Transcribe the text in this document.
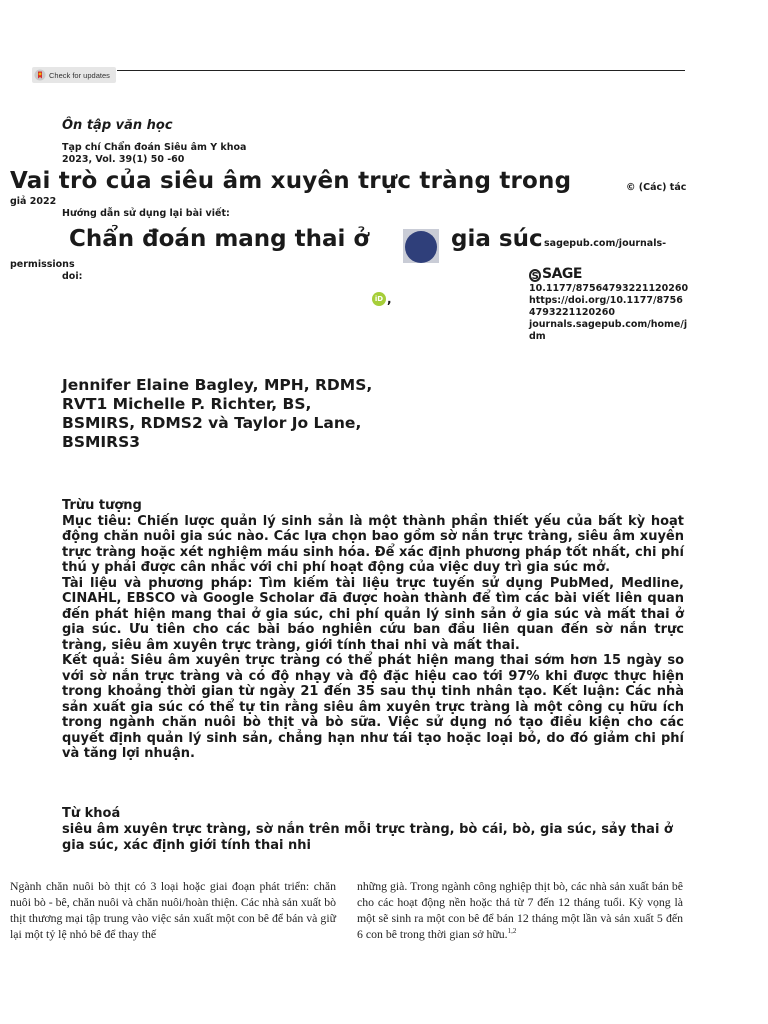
Check for updates
Ôn tập văn học
Tạp chí Chẩn đoán Siêu âm Y khoa
2023, Vol. 39(1) 50 -60
Vai trò của siêu âm xuyên trực tràng trong	© (Các) tác
giả 2022
Hướng dẫn sử dụng lại bài viết:
Chẩn đoán mang thai ở	gia súc sagepub.com/journals-
permissions
doi:	S SAGE
10.1177/87564793221120260
https://doi.org/10.1177/87564793221120260
journals.sagepub.com/home/jdm
iD ,
Jennifer Elaine Bagley, MPH, RDMS,
RVT1 Michelle P. Richter, BS,
BSMIRS, RDMS2 và Taylor Jo Lane,
BSMIRS3

Trừu tượng

Mục tiêu: Chiến lược quản lý sinh sản là một thành phần thiết yếu của bất kỳ hoạt động chăn nuôi gia súc nào. Các lựa chọn bao gồm sờ nắn trực tràng, siêu âm xuyên trực tràng hoặc xét nghiệm máu sinh hóa. Để xác định phương pháp tốt nhất, chi phí thú y phải được cân nhắc với chi phí hoạt động của việc duy trì gia súc mở.

Tài liệu và phương pháp: Tìm kiếm tài liệu trực tuyến sử dụng PubMed, Medline, CINAHL, EBSCO và Google Scholar đã được hoàn thành để tìm các bài viết liên quan đến phát hiện mang thai ở gia súc, chi phí quản lý sinh sản ở gia súc và mất thai ở gia súc. Ưu tiên cho các bài báo nghiên cứu ban đầu liên quan đến sờ nắn trực tràng, siêu âm xuyên trực tràng, giới tính thai nhi và mất thai.

Kết quả: Siêu âm xuyên trực tràng có thể phát hiện mang thai sớm hơn 15 ngày so với sờ nắn trực tràng và có độ nhạy và độ đặc hiệu cao tới 97% khi được thực hiện trong khoảng thời gian từ ngày 21 đến 35 sau thụ tinh nhân tạo. Kết luận: Các nhà sản xuất gia súc có thể tự tin rằng siêu âm xuyên trực tràng là một công cụ hữu ích trong ngành chăn nuôi bò thịt và bò sữa. Việc sử dụng nó tạo điều kiện cho các quyết định quản lý sinh sản, chẳng hạn như tái tạo hoặc loại bỏ, do đó giảm chi phí và tăng lợi nhuận.

Từ khoá

siêu âm xuyên trực tràng, sờ nắn trên mỗi trực tràng, bò cái, bò, gia súc, sảy thai ở gia súc, xác định giới tính thai nhi

Ngành chăn nuôi bò thịt có 3 loại hoặc giai đoạn phát triển: chăn nuôi bò - bê, chăn nuôi và chăn nuôi/hoàn thiện. Các nhà sản xuất bò thịt thương mại tập trung vào việc sản xuất một con bê để bán và giữ lại một tỷ lệ nhỏ bê để thay thế
những già. Trong ngành công nghiệp thịt bò, các nhà sản xuất bán bê cho các hoạt động nền hoặc thả từ 7 đến 12 tháng tuổi. Kỳ vọng là một sẽ sinh ra một con bê để bán 12 tháng một lần và sản xuất 5 đến 6 con bê trong thời gian sở hữu.$^{1,2}$
